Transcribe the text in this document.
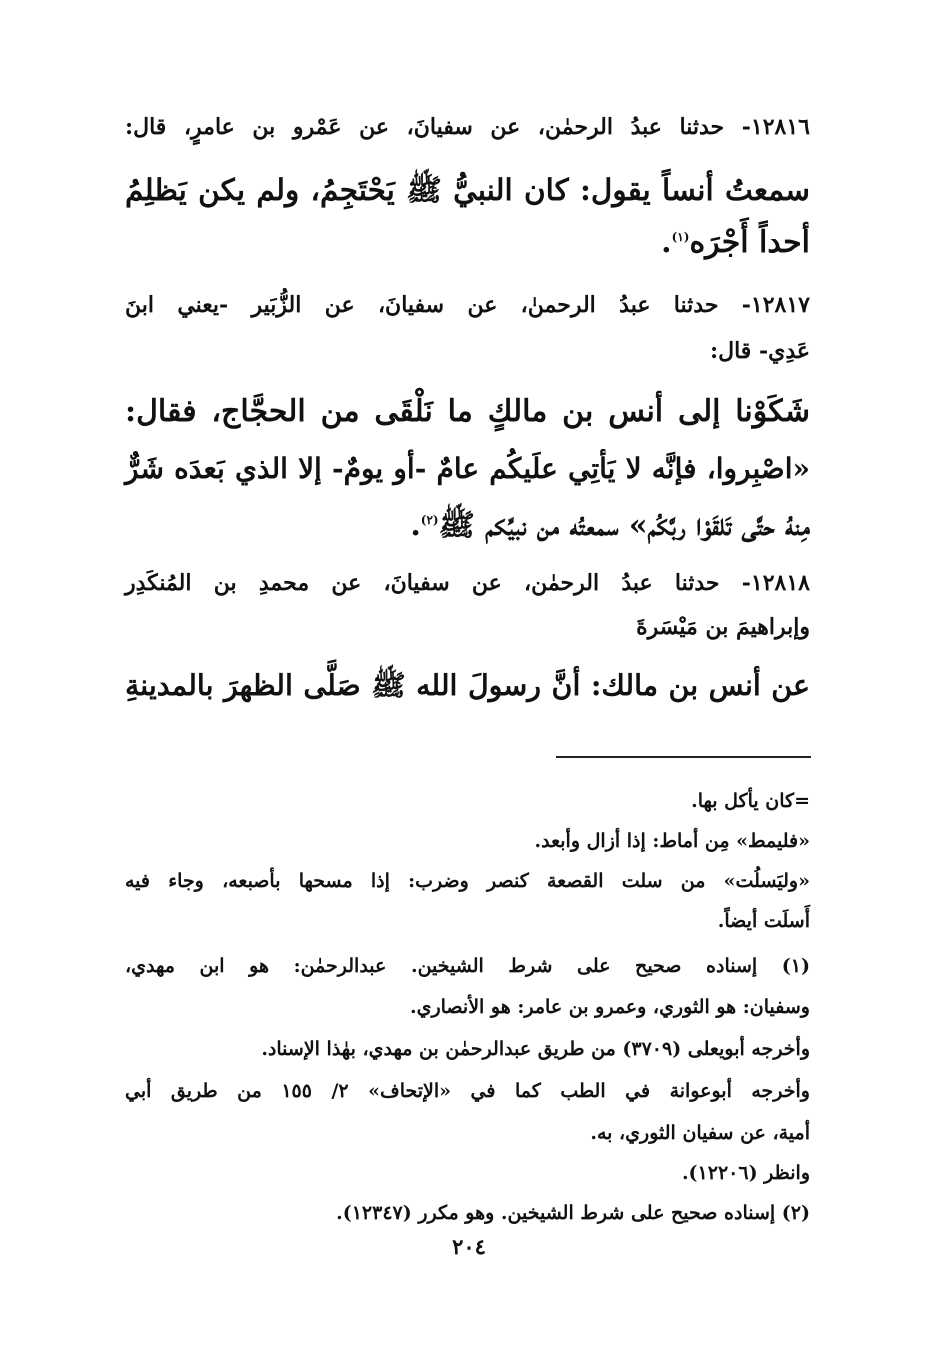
١٢٨١٦- حدثنا عبدُ الرحمٰن، عن سفيانَ، عن عَمْرو بن عامرٍ، قال:
سمعتُ أنساً يقول: كان النبيُّ ﷺ يَحْتَجِمُ، ولم يكن يَظلِمُ
أحداً أَجْرَه$^{(١)}$.
١٢٨١٧- حدثنا عبدُ الرحمنٰ، عن سفيانَ، عن الزُّبَير -يعني ابنَ
عَدِي- قال:
شَكَوْنا إلى أنس بن مالكٍ ما نَلْقَى من الحجَّاج، فقال:
«اصْبِروا، فإنَّه لا يَأتِي علَيكُم عامٌ -أو يومٌ- إلا الذي بَعدَه شَرٌّ
مِنهُ حتَّى تَلقَوْا ربَّكُم» سمعتُه من نبيِّكم ﷺ$^{(٢)}$.
١٢٨١٨- حدثنا عبدُ الرحمٰن، عن سفيانَ، عن محمدِ بن المُنكَدِر
وإبراهيمَ بن مَيْسَرةَ
عن أنس بن مالك: أنَّ رسولَ الله ﷺ صَلَّى الظهرَ بالمدينةِ
=كان يأكل بها.
«فليمط» مِن أماط: إذا أزال وأبعد.
«وليَسلُت» من سلت القصعة كنصر وضرب: إذا مسحها بأصبعه، وجاء فيه
أَسلَت أيضاً.
(١) إسناده صحيح على شرط الشيخين. عبدالرحمٰن: هو ابن مهدي،
وسفيان: هو الثوري، وعمرو بن عامر: هو الأنصاري.
وأخرجه أبويعلى (٣٧٠٩) من طريق عبدالرحمٰن بن مهدي، بهٰذا الإسناد.
وأخرجه أبوعوانة في الطب كما في «الإتحاف» ٢/ ١٥٥ من طريق أبي
أمية، عن سفيان الثوري، به.
وانظر (١٢٢٠٦).
(٢) إسناده صحيح على شرط الشيخين. وهو مكرر (١٢٣٤٧).
٢٠٤
